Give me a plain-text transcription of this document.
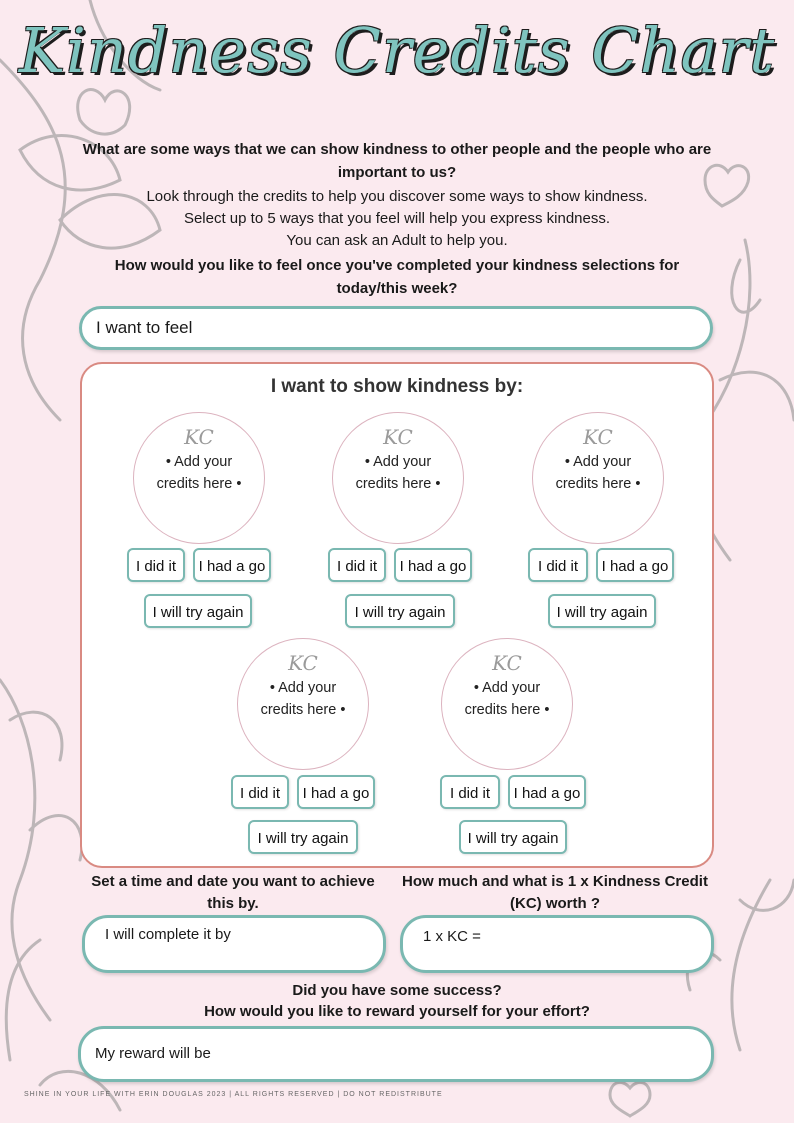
Kindness Credits Chart
What are some ways that we can show kindness to other people and the people who are important to us?
Look through the credits to help you discover some ways to show kindness.
Select up to 5 ways that you feel will help you express kindness.
You can ask an Adult to help you.
How would you like to feel once you've completed your kindness selections for today/this week?
I want to feel
I want to show kindness by:
KC
• Add your credits here •
I did it	I had a go
I will try again
KC
• Add your credits here •
I did it	I had a go
I will try again
KC
• Add your credits here •
I did it	I had a go
I will try again
KC
• Add your credits here •
I did it	I had a go
I will try again
KC
• Add your credits here •
I did it	I had a go
I will try again
Set a time and date you want to achieve this by.
How much and what is 1 x Kindness Credit (KC) worth ?
I will complete it by	1 x KC =
Did you have some success?
How would you like to reward yourself for your effort?
My reward will be
SHINE IN YOUR LIFE WITH ERIN DOUGLAS 2023 | ALL RIGHTS RESERVED | DO NOT REDISTRIBUTE
